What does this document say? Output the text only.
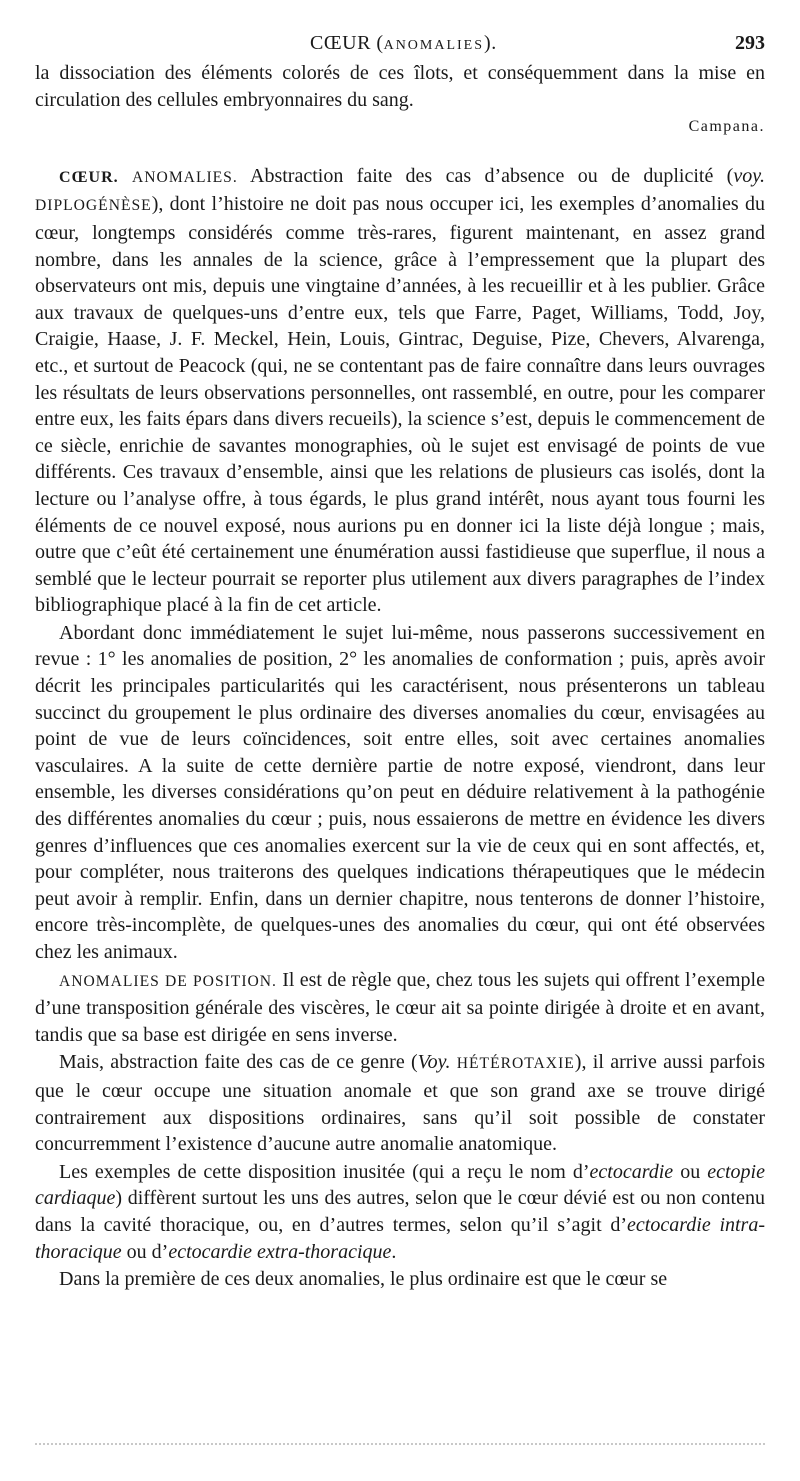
CŒUR (ANOMALIES).	293

la dissociation des éléments colorés de ces îlots, et conséquemment dans la mise en circulation des cellules embryonnaires du sang.

Campana.

CŒUR. ANOMALIES. Abstraction faite des cas d’absence ou de duplicité (voy. DIPLOGÉNÈSE), dont l’histoire ne doit pas nous occuper ici, les exemples d’anomalies du cœur, longtemps considérés comme très-rares, figurent maintenant, en assez grand nombre, dans les annales de la science, grâce à l’empressement que la plupart des observateurs ont mis, depuis une vingtaine d’années, à les recueillir et à les publier. Grâce aux travaux de quelques-uns d’entre eux, tels que Farre, Paget, Williams, Todd, Joy, Craigie, Haase, J. F. Meckel, Hein, Louis, Gintrac, Deguise, Pize, Chevers, Alvarenga, etc., et surtout de Peacock (qui, ne se contentant pas de faire connaître dans leurs ouvrages les résultats de leurs observations personnelles, ont rassemblé, en outre, pour les comparer entre eux, les faits épars dans divers recueils), la science s’est, depuis le commencement de ce siècle, enrichie de savantes monographies, où le sujet est envisagé de points de vue différents. Ces travaux d’ensemble, ainsi que les relations de plusieurs cas isolés, dont la lecture ou l’analyse offre, à tous égards, le plus grand intérêt, nous ayant tous fourni les éléments de ce nouvel exposé, nous aurions pu en donner ici la liste déjà longue ; mais, outre que c’eût été certainement une énumération aussi fastidieuse que superflue, il nous a semblé que le lecteur pourrait se reporter plus utilement aux divers paragraphes de l’index bibliographique placé à la fin de cet article.

Abordant donc immédiatement le sujet lui-même, nous passerons successivement en revue : 1° les anomalies de position, 2° les anomalies de conformation ; puis, après avoir décrit les principales particularités qui les caractérisent, nous présenterons un tableau succinct du groupement le plus ordinaire des diverses anomalies du cœur, envisagées au point de vue de leurs coïncidences, soit entre elles, soit avec certaines anomalies vasculaires. A la suite de cette dernière partie de notre exposé, viendront, dans leur ensemble, les diverses considérations qu’on peut en déduire relativement à la pathogénie des différentes anomalies du cœur ; puis, nous essaierons de mettre en évidence les divers genres d’influences que ces anomalies exercent sur la vie de ceux qui en sont affectés, et, pour compléter, nous traiterons des quelques indications thérapeutiques que le médecin peut avoir à remplir. Enfin, dans un dernier chapitre, nous tenterons de donner l’histoire, encore très-incomplète, de quelques-unes des anomalies du cœur, qui ont été observées chez les animaux.

ANOMALIES DE POSITION. Il est de règle que, chez tous les sujets qui offrent l’exemple d’une transposition générale des viscères, le cœur ait sa pointe dirigée à droite et en avant, tandis que sa base est dirigée en sens inverse.

Mais, abstraction faite des cas de ce genre (Voy. HÉTÉROTAXIE), il arrive aussi parfois que le cœur occupe une situation anomale et que son grand axe se trouve dirigé contrairement aux dispositions ordinaires, sans qu’il soit possible de constater concurremment l’existence d’aucune autre anomalie anatomique.

Les exemples de cette disposition inusitée (qui a reçu le nom d’ectocardie ou ectopie cardiaque) diffèrent surtout les uns des autres, selon que le cœur dévié est ou non contenu dans la cavité thoracique, ou, en d’autres termes, selon qu’il s’agit d’ectocardie intra-thoracique ou d’ectocardie extra-thoracique.

Dans la première de ces deux anomalies, le plus ordinaire est que le cœur se
